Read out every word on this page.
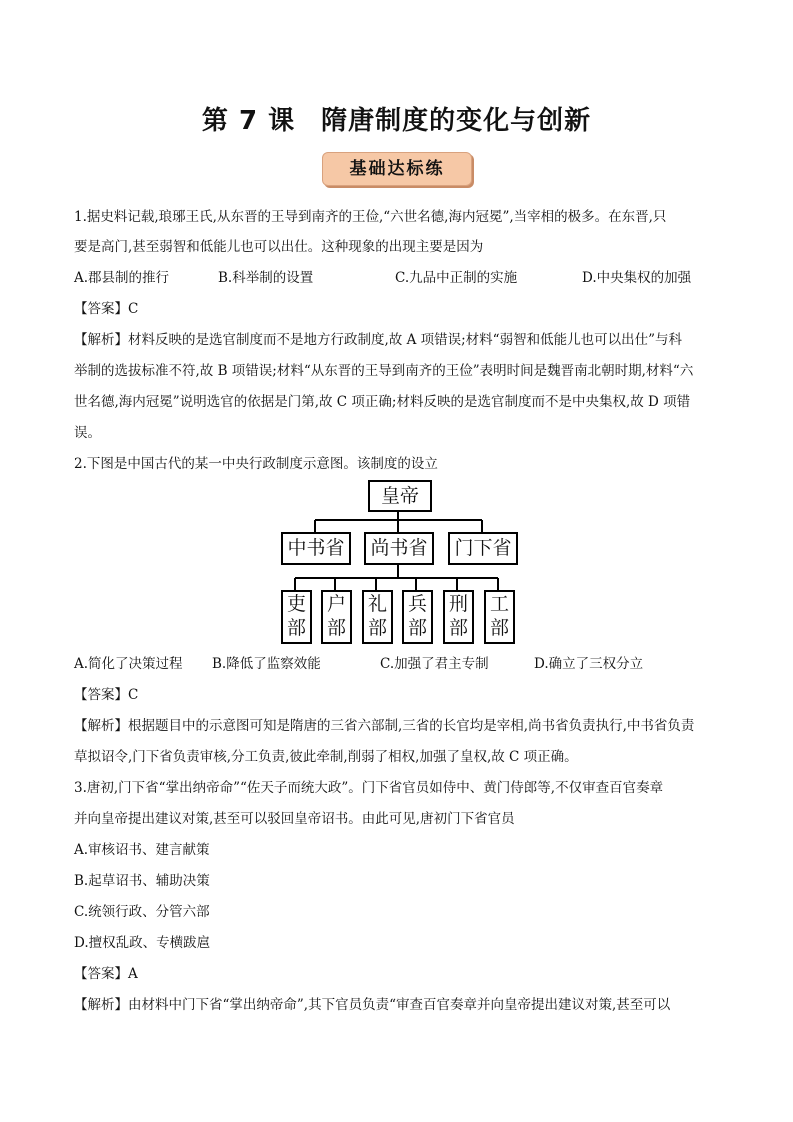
第 7 课 隋唐制度的变化与创新
基础达标练
1.据史料记载,琅琊王氏,从东晋的王导到南齐的王俭,“六世名德,海内冠冕”,当宰相的极多。在东晋,只
要是高门,甚至弱智和低能儿也可以出仕。这种现象的出现主要是因为
A.郡县制的推行	B.科举制的设置	C.九品中正制的实施	D.中央集权的加强
【答案】C
【解析】材料反映的是选官制度而不是地方行政制度,故 A 项错误;材料“弱智和低能儿也可以出仕”与科
举制的选拔标准不符,故 B 项错误;材料“从东晋的王导到南齐的王俭”表明时间是魏晋南北朝时期,材料“六
世名德,海内冠冕”说明选官的依据是门第,故 C 项正确;材料反映的是选官制度而不是中央集权,故 D 项错
误。
2.下图是中国古代的某一中央行政制度示意图。该制度的设立
皇帝
中书省	尚书省	门下省
吏
部
户
部
礼
部
兵
部
刑
部
工
部
A.简化了决策过程 B.降低了监察效能	C.加强了君主专制	D.确立了三权分立
【答案】C
【解析】根据题目中的示意图可知是隋唐的三省六部制,三省的长官均是宰相,尚书省负责执行,中书省负责
草拟诏令,门下省负责审核,分工负责,彼此牵制,削弱了相权,加强了皇权,故 C 项正确。
3.唐初,门下省“掌出纳帝命”“佐天子而统大政”。门下省官员如侍中、黄门侍郎等,不仅审查百官奏章
并向皇帝提出建议对策,甚至可以驳回皇帝诏书。由此可见,唐初门下省官员
A.审核诏书、建言献策
B.起草诏书、辅助决策
C.统领行政、分管六部
D.擅权乱政、专横跋扈
【答案】A
【解析】由材料中门下省“掌出纳帝命”,其下官员负责“审查百官奏章并向皇帝提出建议对策,甚至可以
